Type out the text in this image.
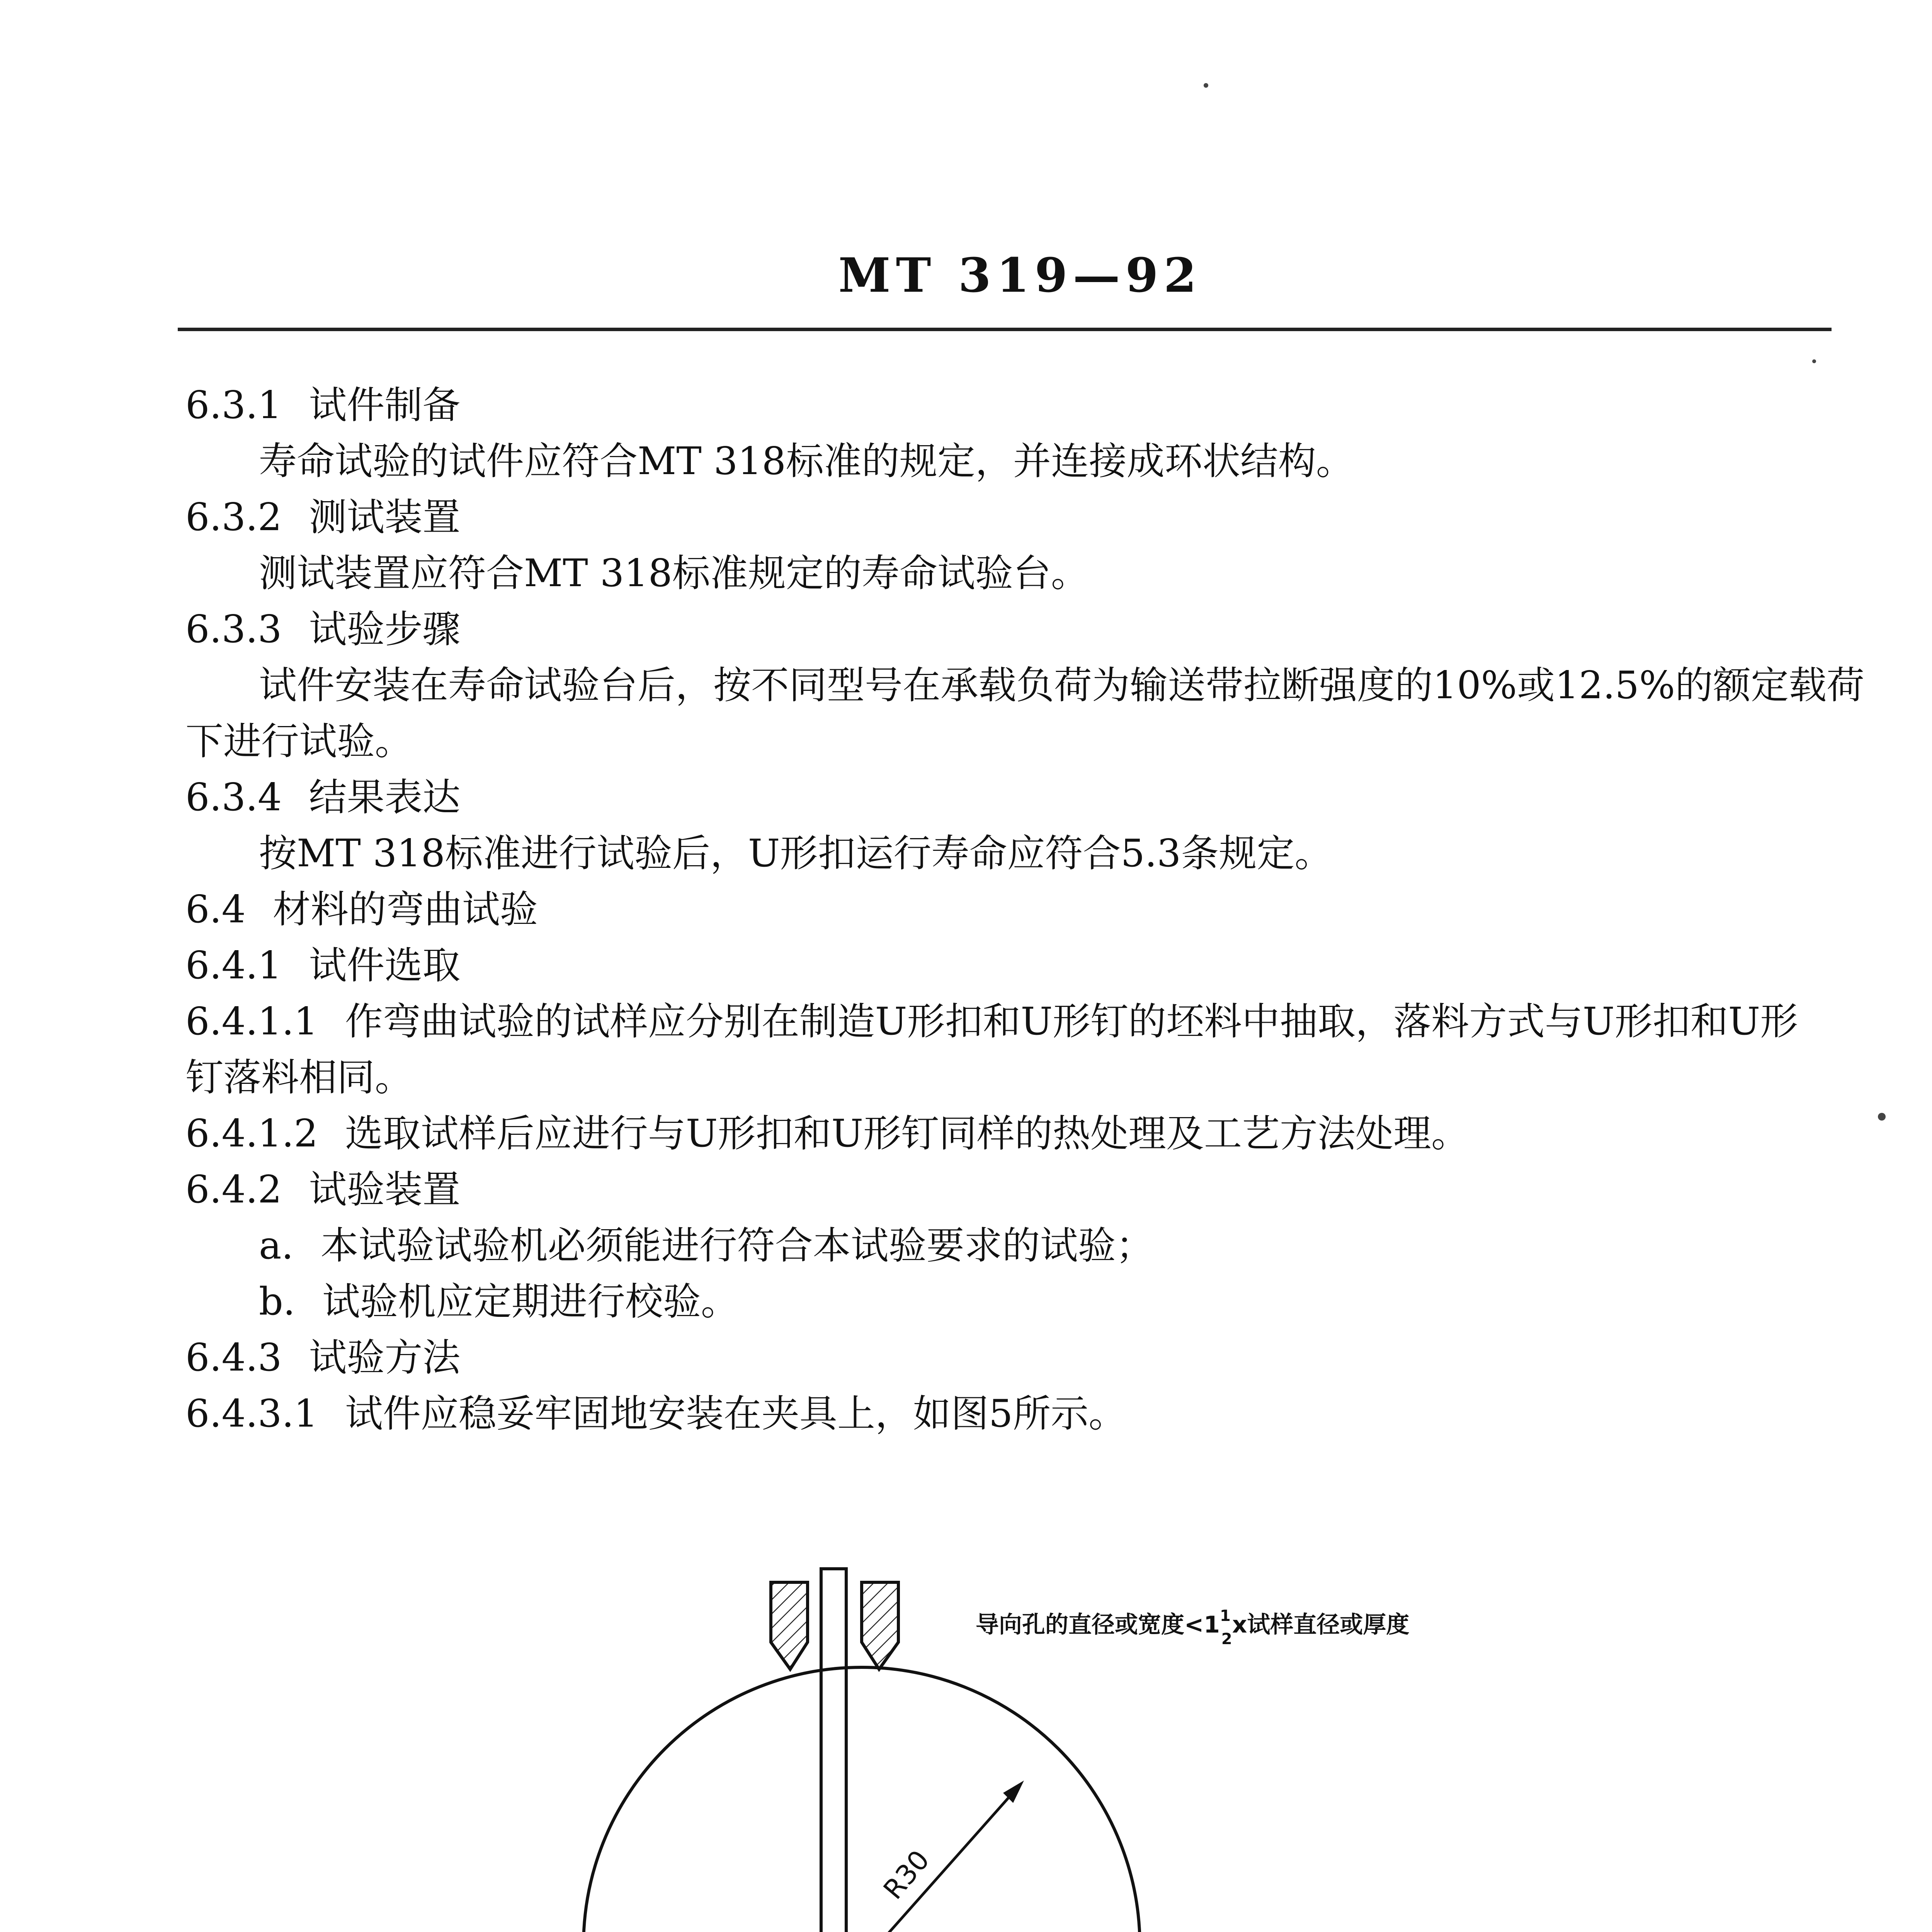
MT 319—92
6.3.1 试件制备
寿命试验的试件应符合MT 318标准的规定，并连接成环状结构。
6.3.2 测试装置
测试装置应符合MT 318标准规定的寿命试验台。
6.3.3 试验步骤
试件安装在寿命试验台后，按不同型号在承载负荷为输送带拉断强度的10%或12.5%的额定载荷
下进行试验。
6.3.4 结果表达
按MT 318标准进行试验后，U形扣运行寿命应符合5.3条规定。
6.4 材料的弯曲试验
6.4.1 试件选取
6.4.1.1 作弯曲试验的试样应分别在制造U形扣和U形钉的坯料中抽取，落料方式与U形扣和U形
钉落料相同。
6.4.1.2 选取试样后应进行与U形扣和U形钉同样的热处理及工艺方法处理。
6.4.2 试验装置
a. 本试验试验机必须能进行符合本试验要求的试验；
b. 试验机应定期进行校验。
6.4.3 试验方法
6.4.3.1 试件应稳妥牢固地安装在夹具上，如图5所示。
R30
导向孔的直径或宽度$<1^1$ 2x试样直径或厚度
